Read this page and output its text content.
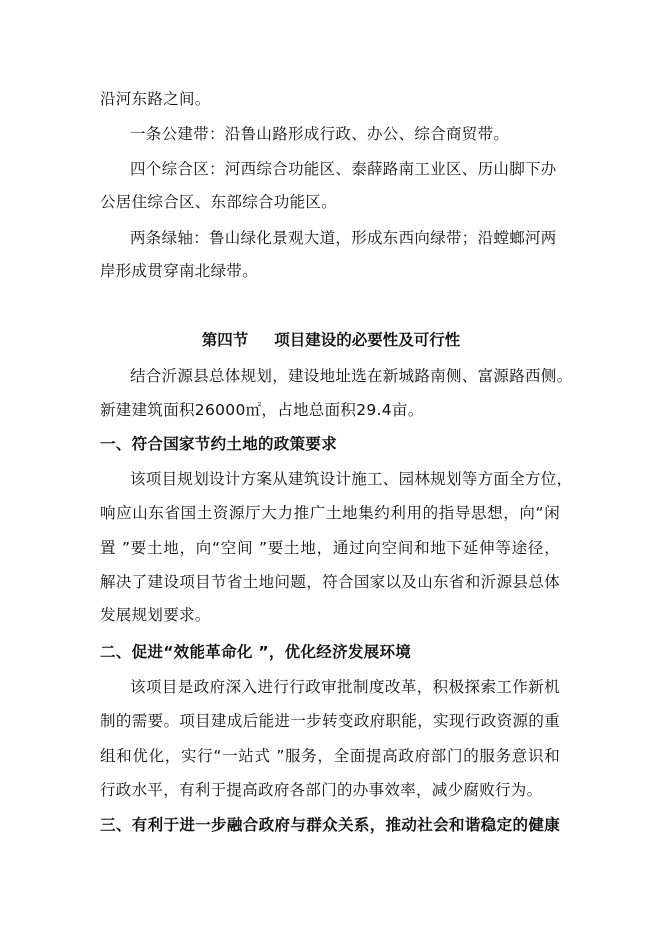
沿河东路之间。
一条公建带：沿鲁山路形成行政、办公、综合商贸带。
四个综合区：河西综合功能区、泰薛路南工业区、历山脚下办
公居住综合区、东部综合功能区。
两条绿轴：鲁山绿化景观大道，形成东西向绿带；沿螳螂河两
岸形成贯穿南北绿带。
第四节 项目建设的必要性及可行性
结合沂源县总体规划，建设地址选在新城路南侧、富源路西侧。
新建建筑面积26000㎡，占地总面积29.4亩。
一、符合国家节约土地的政策要求
该项目规划设计方案从建筑设计施工、园林规划等方面全方位，
响应山东省国土资源厅大力推广土地集约利用的指导思想，向“闲
置 ”要土地，向“空间 ”要土地，通过向空间和地下延伸等途径，
解决了建设项目节省土地问题，符合国家以及山东省和沂源县总体
发展规划要求。
二、促进“效能革命化 ”，优化经济发展环境
该项目是政府深入进行行政审批制度改革，积极探索工作新机
制的需要。项目建成后能进一步转变政府职能，实现行政资源的重
组和优化，实行“一站式 ”服务，全面提高政府部门的服务意识和
行政水平，有利于提高政府各部门的办事效率，减少腐败行为。
三、有利于进一步融合政府与群众关系，推动社会和谐稳定的健康
